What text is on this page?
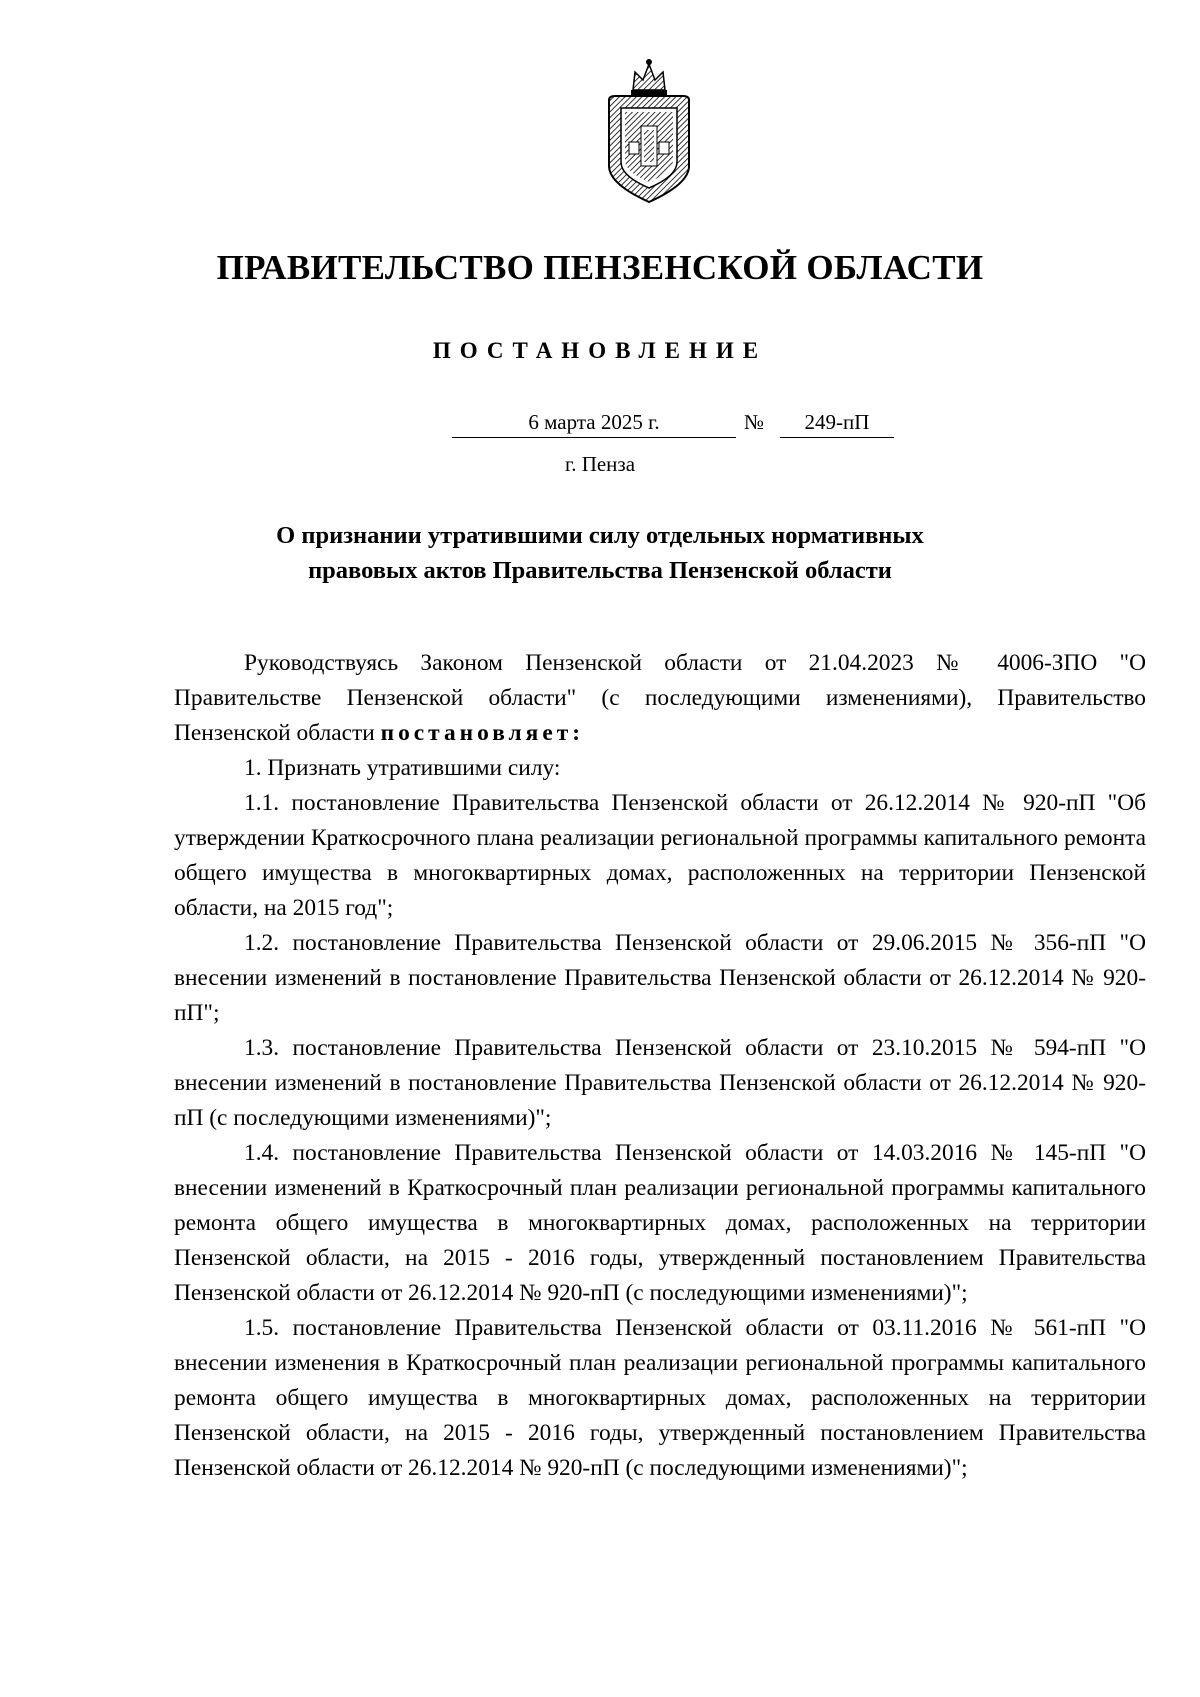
ПРАВИТЕЛЬСТВО ПЕНЗЕНСКОЙ ОБЛАСТИ
ПОСТАНОВЛЕНИЕ
6 марта 2025 г.	№	249-пП
г. Пенза
О признании утратившими силу отдельных нормативных
правовых актов Правительства Пензенской области

Руководствуясь Законом Пензенской области от 21.04.2023 № 4006-ЗПО "О Правительстве Пензенской области" (с последующими изменениями), Правительство Пензенской области постановляет:

1. Признать утратившими силу:

1.1. постановление Правительства Пензенской области от 26.12.2014 № 920-пП "Об утверждении Краткосрочного плана реализации региональной программы капитального ремонта общего имущества в многоквартирных домах, расположенных на территории Пензенской области, на 2015 год";

1.2. постановление Правительства Пензенской области от 29.06.2015 № 356-пП "О внесении изменений в постановление Правительства Пензенской области от 26.12.2014 № 920-пП";

1.3. постановление Правительства Пензенской области от 23.10.2015 № 594-пП "О внесении изменений в постановление Правительства Пензенской области от 26.12.2014 № 920-пП (с последующими изменениями)";

1.4. постановление Правительства Пензенской области от 14.03.2016 № 145-пП "О внесении изменений в Краткосрочный план реализации региональной программы капитального ремонта общего имущества в многоквартирных домах, расположенных на территории Пензенской области, на 2015 - 2016 годы, утвержденный постановлением Правительства Пензенской области от 26.12.2014 № 920-пП (с последующими изменениями)";

1.5. постановление Правительства Пензенской области от 03.11.2016 № 561-пП "О внесении изменения в Краткосрочный план реализации региональной программы капитального ремонта общего имущества в многоквартирных домах, расположенных на территории Пензенской области, на 2015 - 2016 годы, утвержденный постановлением Правительства Пензенской области от 26.12.2014 № 920-пП (с последующими изменениями)";
